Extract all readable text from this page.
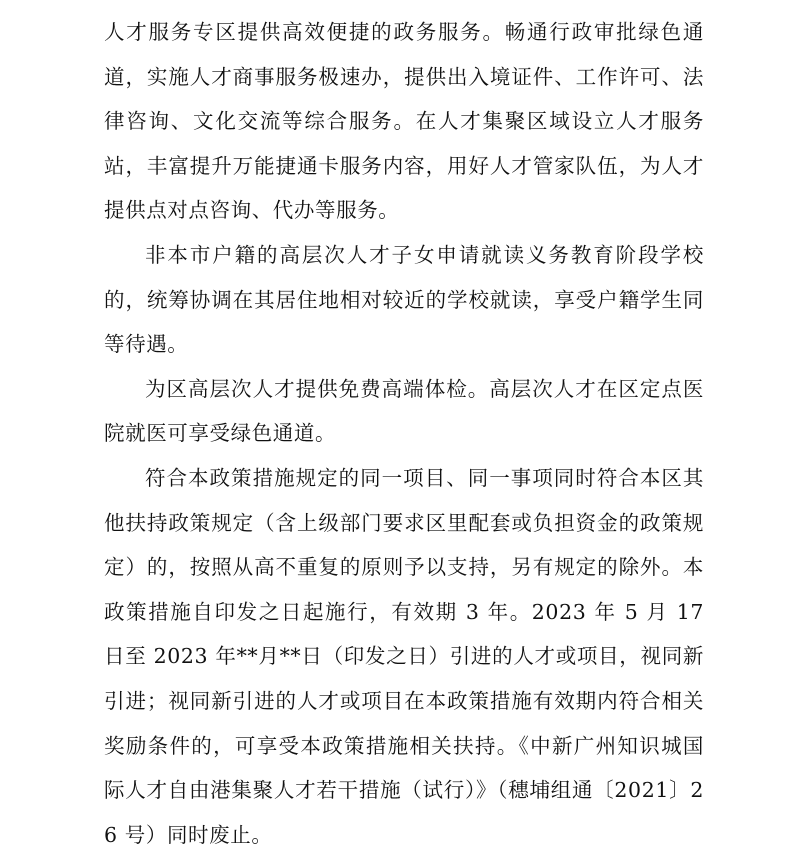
人才服务专区提供高效便捷的政务服务。畅通行政审批绿色通道，实施人才商事服务极速办，提供出入境证件、工作许可、法律咨询、文化交流等综合服务。在人才集聚区域设立人才服务站，丰富提升万能捷通卡服务内容，用好人才管家队伍，为人才提供点对点咨询、代办等服务。

非本市户籍的高层次人才子女申请就读义务教育阶段学校的，统筹协调在其居住地相对较近的学校就读，享受户籍学生同等待遇。

为区高层次人才提供免费高端体检。高层次人才在区定点医院就医可享受绿色通道。

符合本政策措施规定的同一项目、同一事项同时符合本区其他扶持政策规定（含上级部门要求区里配套或负担资金的政策规定）的，按照从高不重复的原则予以支持，另有规定的除外。本政策措施自印发之日起施行，有效期 3 年。2023 年 5 月 17 日至 2023 年**月**日（印发之日）引进的人才或项目，视同新引进；视同新引进的人才或项目在本政策措施有效期内符合相关奖励条件的，可享受本政策措施相关扶持。《中新广州知识城国际人才自由港集聚人才若干措施（试行）》（穗埔组通〔2021〕26 号）同时废止。
